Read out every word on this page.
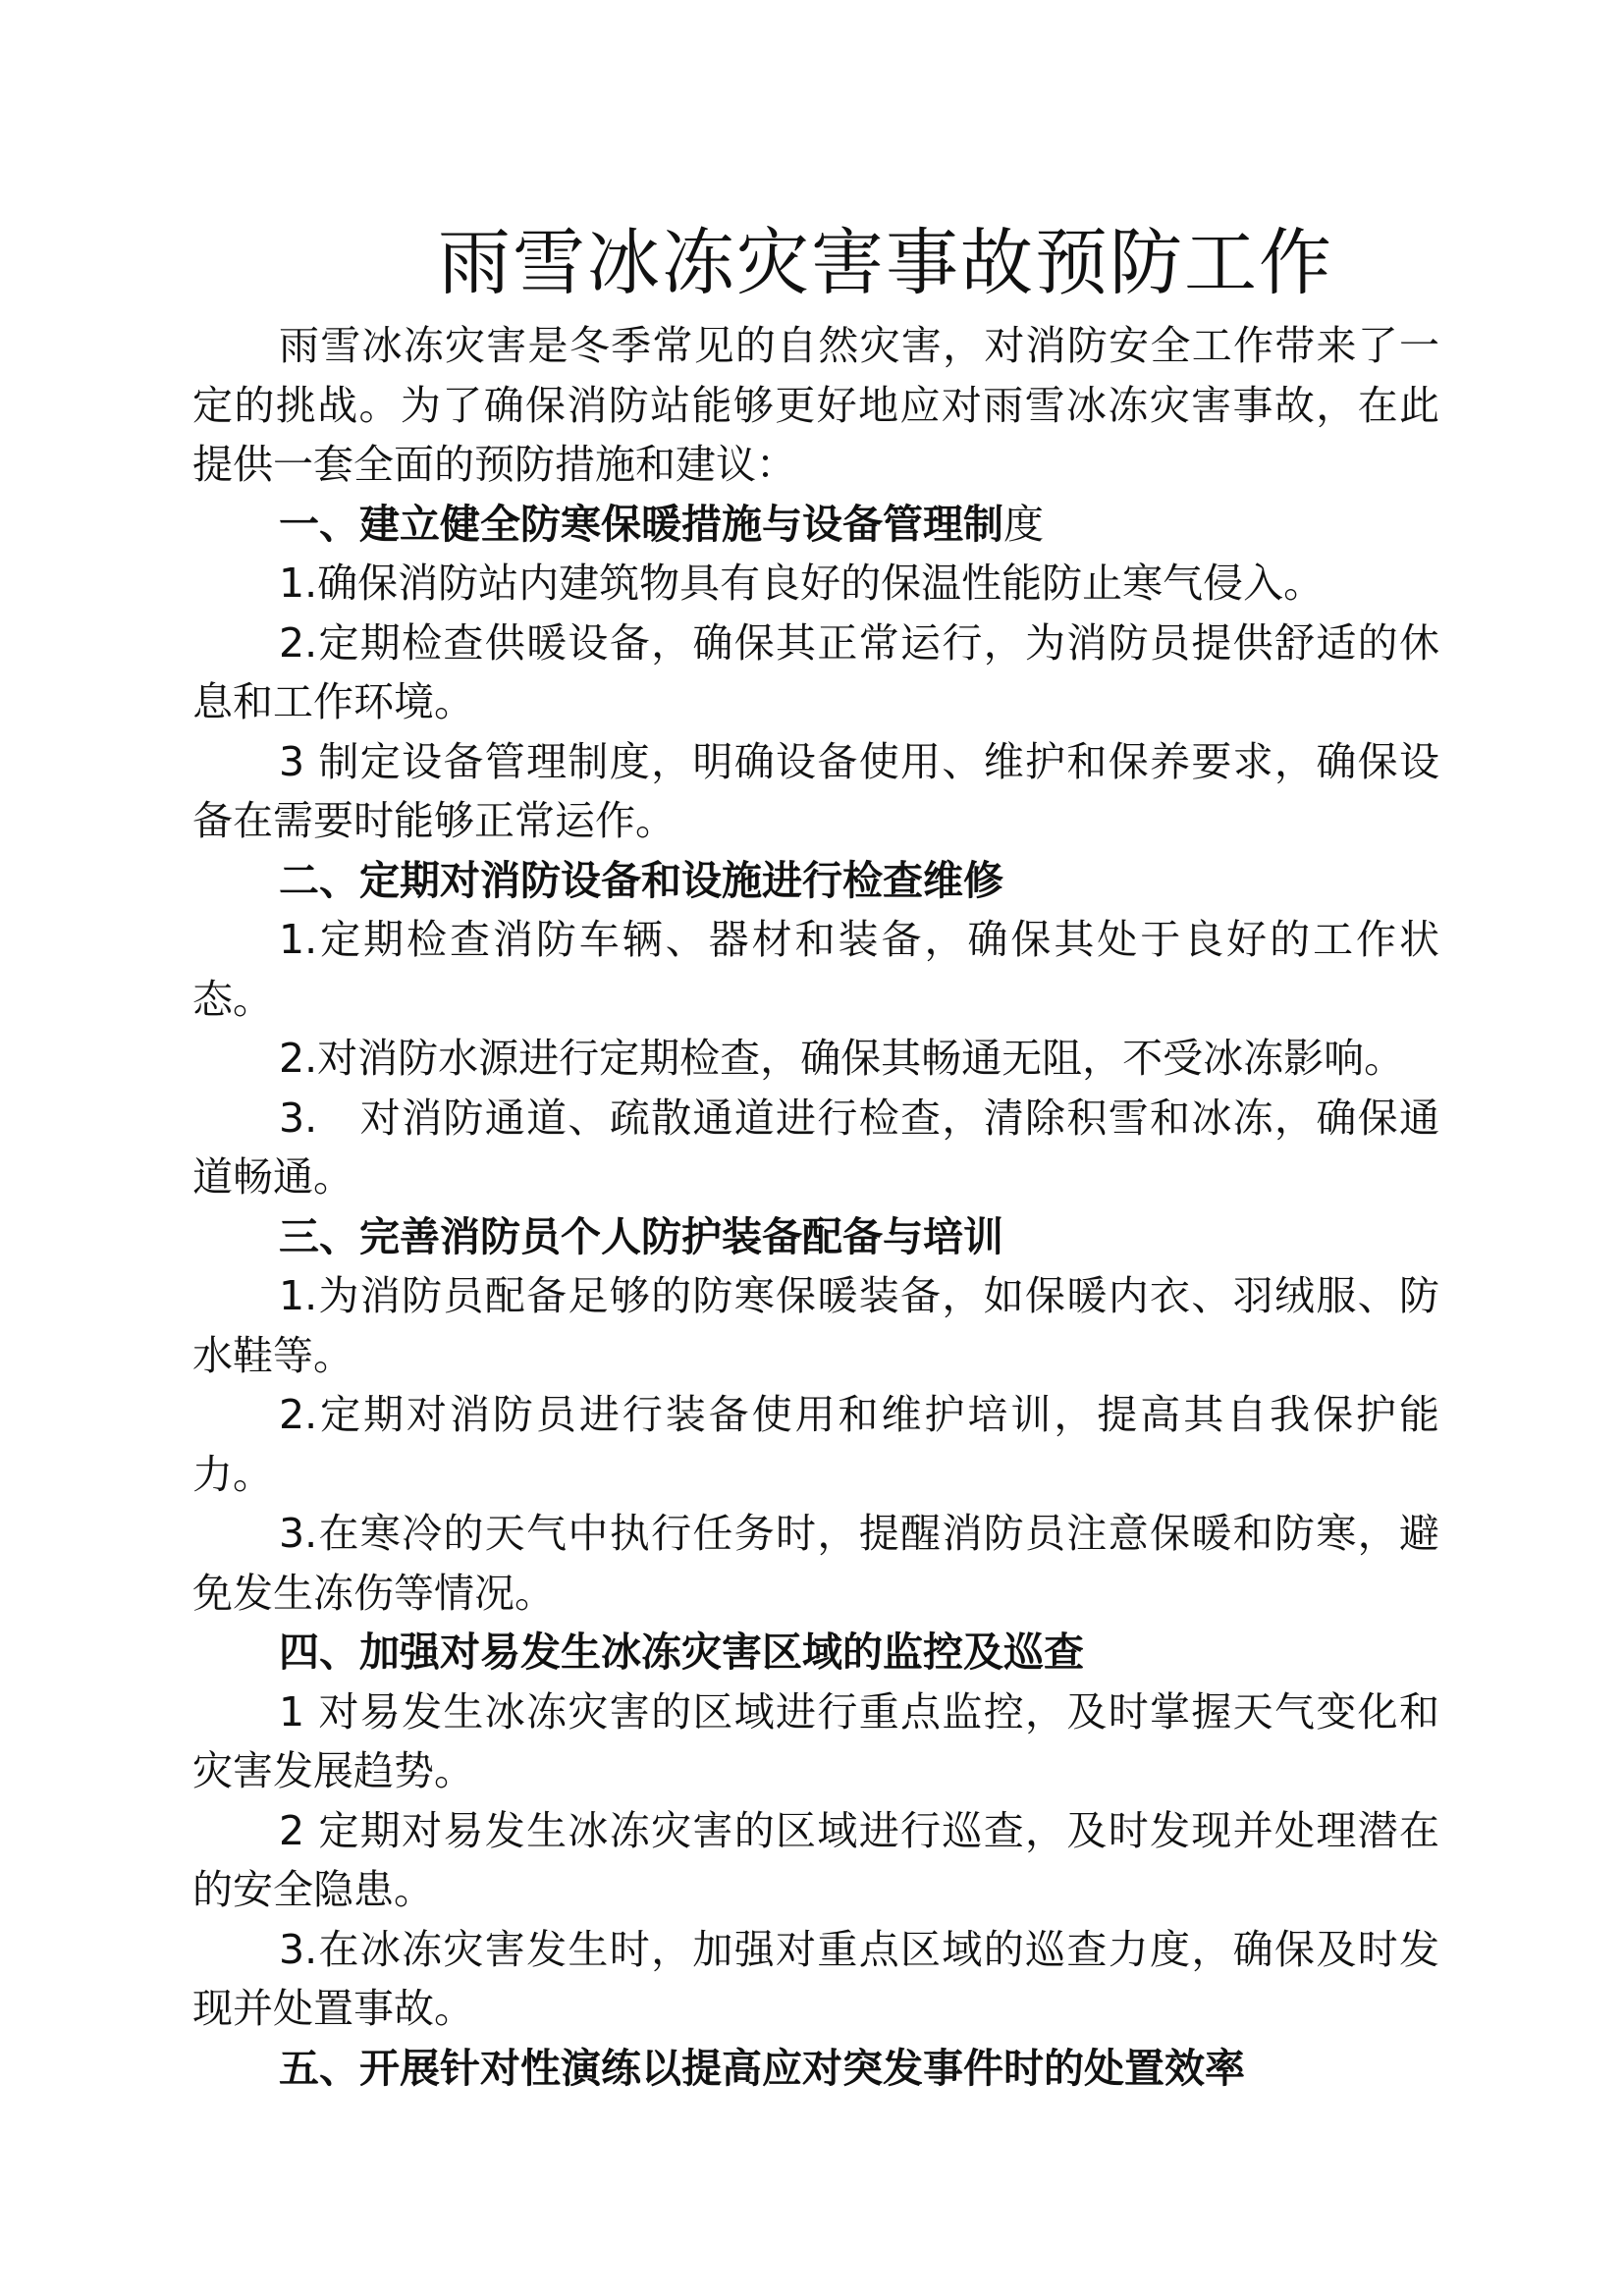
雨雪冰冻灾害事故预防工作

雨雪冰冻灾害是冬季常见的自然灾害，对消防安全工作带来了一定的挑战。为了确保消防站能够更好地应对雨雪冰冻灾害事故，在此提供一套全面的预防措施和建议：

一、建立健全防寒保暖措施与设备管理制度

1.确保消防站内建筑物具有良好的保温性能防止寒气侵入。

2.定期检查供暖设备，确保其正常运行，为消防员提供舒适的休息和工作环境。

3 制定设备管理制度，明确设备使用、维护和保养要求，确保设备在需要时能够正常运作。

二、定期对消防设备和设施进行检查维修

1.定期检查消防车辆、器材和装备，确保其处于良好的工作状态。

2.对消防水源进行定期检查，确保其畅通无阻，不受冰冻影响。

3.　对消防通道、疏散通道进行检查，清除积雪和冰冻，确保通道畅通。

三、完善消防员个人防护装备配备与培训

1.为消防员配备足够的防寒保暖装备，如保暖内衣、羽绒服、防水鞋等。

2.定期对消防员进行装备使用和维护培训，提高其自我保护能力。

3.在寒冷的天气中执行任务时，提醒消防员注意保暖和防寒，避免发生冻伤等情况。

四、加强对易发生冰冻灾害区域的监控及巡查

1 对易发生冰冻灾害的区域进行重点监控，及时掌握天气变化和灾害发展趋势。

2 定期对易发生冰冻灾害的区域进行巡查，及时发现并处理潜在的安全隐患。

3.在冰冻灾害发生时，加强对重点区域的巡查力度，确保及时发现并处置事故。

五、开展针对性演练以提高应对突发事件时的处置效率
